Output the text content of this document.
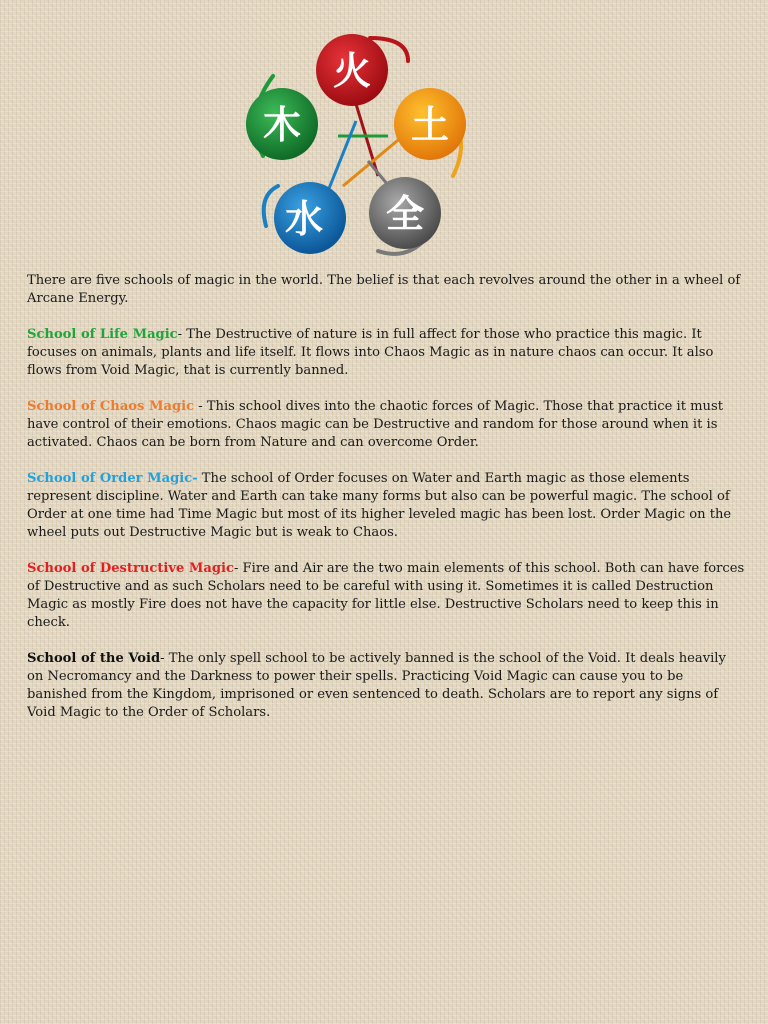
火
土
全
水
木

There are five schools of magic in the world. The belief is that each revolves around the other in a wheel of Arcane Energy.

School of Life Magic- The Destructive of nature is in full affect for those who practice this magic. It focuses on animals, plants and life itself. It flows into Chaos Magic as in nature chaos can occur. It also flows from Void Magic, that is currently banned.

School of Chaos Magic - This school dives into the chaotic forces of Magic. Those that practice it must have control of their emotions. Chaos magic can be Destructive and random for those around when it is activated. Chaos can be born from Nature and can overcome Order.

School of Order Magic- The school of Order focuses on Water and Earth magic as those elements represent discipline. Water and Earth can take many forms but also can be powerful magic. The school of Order at one time had Time Magic but most of its higher leveled magic has been lost. Order Magic on the wheel puts out Destructive Magic but is weak to Chaos.

School of Destructive Magic- Fire and Air are the two main elements of this school. Both can have forces of Destructive and as such Scholars need to be careful with using it. Sometimes it is called Destruction Magic as mostly Fire does not have the capacity for little else. Destructive Scholars need to keep this in check.

School of the Void- The only spell school to be actively banned is the school of the Void. It deals heavily on Necromancy and the Darkness to power their spells. Practicing Void Magic can cause you to be banished from the Kingdom, imprisoned or even sentenced to death. Scholars are to report any signs of Void Magic to the Order of Scholars.
